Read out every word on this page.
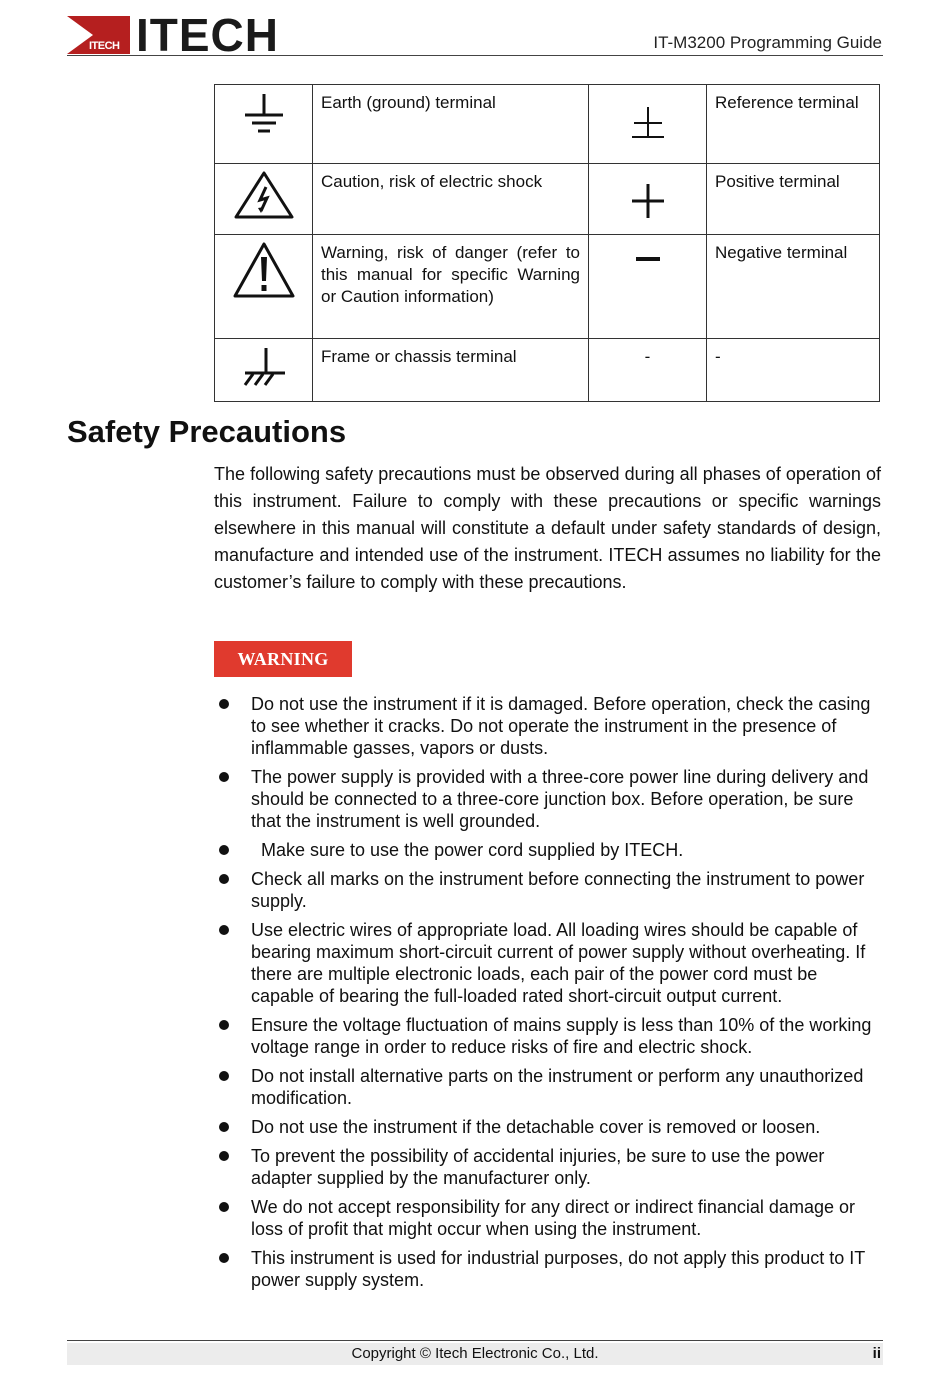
ITECH ITECH	IT-M3200 Programming Guide
	Earth (ground) terminal		Reference terminal
	Caution, risk of electric shock		Positive terminal
	Warning, risk of danger (refer to this manual for specific Warning or Caution information)		Negative terminal
	Frame or chassis terminal	-	-
Safety Precautions

The following safety precautions must be observed during all phases of operation of this instrument. Failure to comply with these precautions or specific warnings elsewhere in this manual will constitute a default under safety standards of design, manufacture and intended use of the instrument. ITECH assumes no liability for the customer’s failure to comply with these precautions.

WARNING
Do not use the instrument if it is damaged. Before operation, check the casing to see whether it cracks. Do not operate the instrument in the presence of inflammable gasses, vapors or dusts.
The power supply is provided with a three-core power line during delivery and should be connected to a three-core junction box. Before operation, be sure that the instrument is well grounded.
Make sure to use the power cord supplied by ITECH.
Check all marks on the instrument before connecting the instrument to power supply.
Use electric wires of appropriate load. All loading wires should be capable of bearing maximum short-circuit current of power supply without overheating. If there are multiple electronic loads, each pair of the power cord must be capable of bearing the full-loaded rated short-circuit output current.
Ensure the voltage fluctuation of mains supply is less than 10% of the working voltage range in order to reduce risks of fire and electric shock.
Do not install alternative parts on the instrument or perform any unauthorized modification.
Do not use the instrument if the detachable cover is removed or loosen.
To prevent the possibility of accidental injuries, be sure to use the power adapter supplied by the manufacturer only.
We do not accept responsibility for any direct or indirect financial damage or loss of profit that might occur when using the instrument.
This instrument is used for industrial purposes, do not apply this product to IT power supply system.
Copyright © Itech Electronic Co., Ltd.	ii
